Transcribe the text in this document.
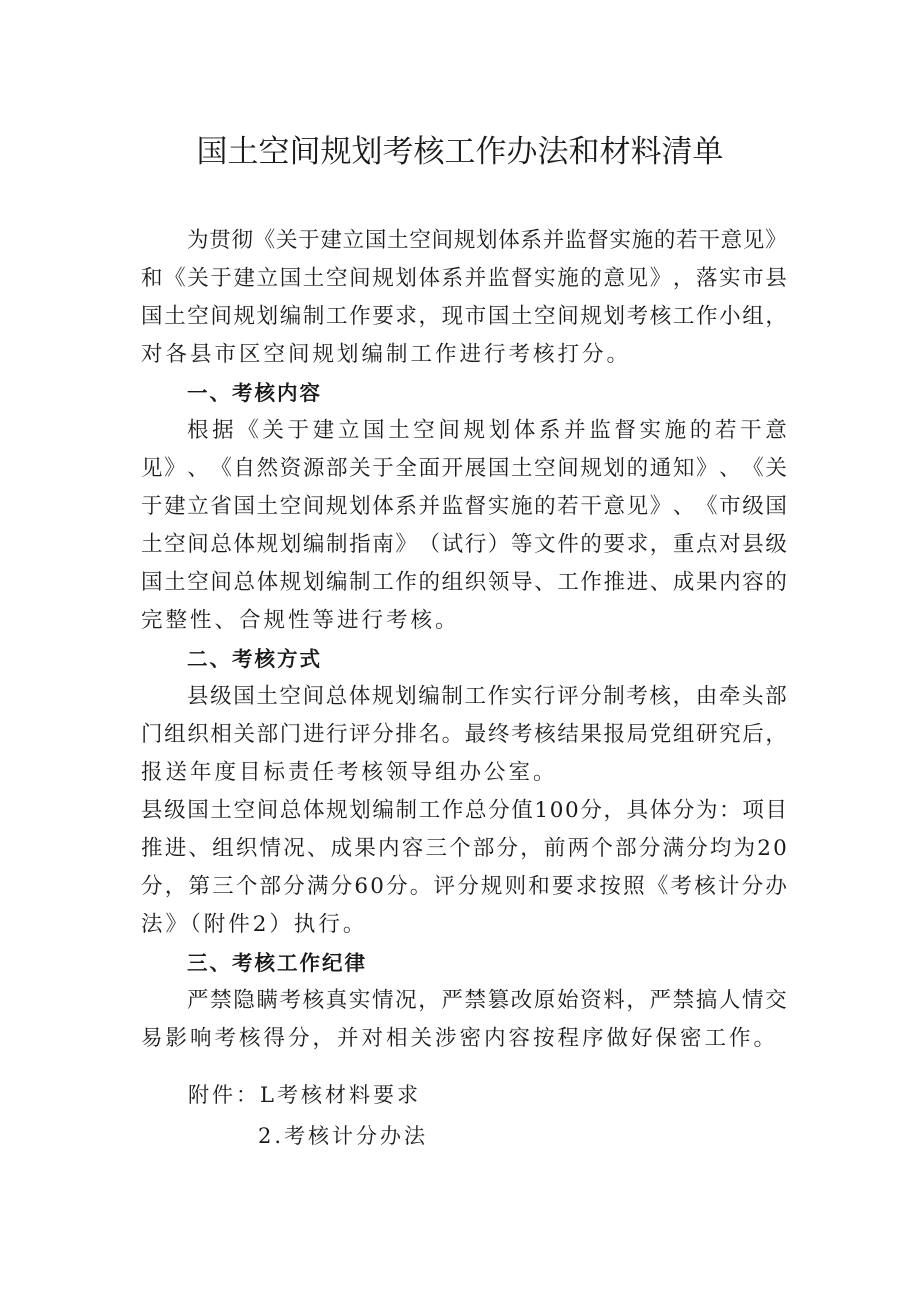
国土空间规划考核工作办法和材料清单
为 贯 彻 《 关 于 建 立 国 土 空 间 规 划 体 系 并 监 督 实 施 的 若 干 意 见 》
和 《 关 于 建 立 国 土 空 间 规 划 体 系 并 监 督 实 施 的 意 见 》 ， 落 实 市 县
国 土 空 间 规 划 编 制 工 作 要 求 ， 现 市 国 土 空 间 规 划 考 核 工 作 小 组 ，
对各县市区空间规划编制工作进行考核打分。
一、考核内容
根 据 《 关 于 建 立 国 土 空 间 规 划 体 系 并 监 督 实 施 的 若 干 意
见 》 、 《 自 然 资 源 部 关 于 全 面 开 展 国 土 空 间 规 划 的 通 知 》 、 《 关
于 建 立 省 国 土 空 间 规 划 体 系 并 监 督 实 施 的 若 干 意 见 》 、 《 市 级 国
土 空 间 总 体 规 划 编 制 指 南 》 （ 试 行 ） 等 文 件 的 要 求 ， 重 点 对 县 级
国 土 空 间 总 体 规 划 编 制 工 作 的 组 织 领 导 、 工 作 推 进 、 成 果 内 容 的
完整性、合规性等进行考核。
二、考核方式
县 级 国 土 空 间 总 体 规 划 编 制 工 作 实 行 评 分 制 考 核 ， 由 牵 头 部
门 组 织 相 关 部 门 进 行 评 分 排 名 。 最 终 考 核 结 果 报 局 党 组 研 究 后 ，
报送年度目标责任考核领导组办公室。
县 级 国 土 空 间 总 体 规 划 编 制 工 作 总 分 值 1 0 0 分 ， 具 体 分 为 ： 项 目
推 进 、 组 织 情 况 、 成 果 内 容 三 个 部 分 ， 前 两 个 部 分 满 分 均 为 2 0
分 ， 第 三 个 部 分 满 分 6 0 分 。 评 分 规 则 和 要 求 按 照 《 考 核 计 分 办
法》（附件2）执行。
三、考核工作纪律
严 禁 隐 瞒 考 核 真 实 情 况 ， 严 禁 篡 改 原 始 资 料 ， 严 禁 搞 人 情 交
易影响考核得分，并对相关涉密内容按程序做好保密工作。
附件：L考核材料要求
2.考核计分办法
